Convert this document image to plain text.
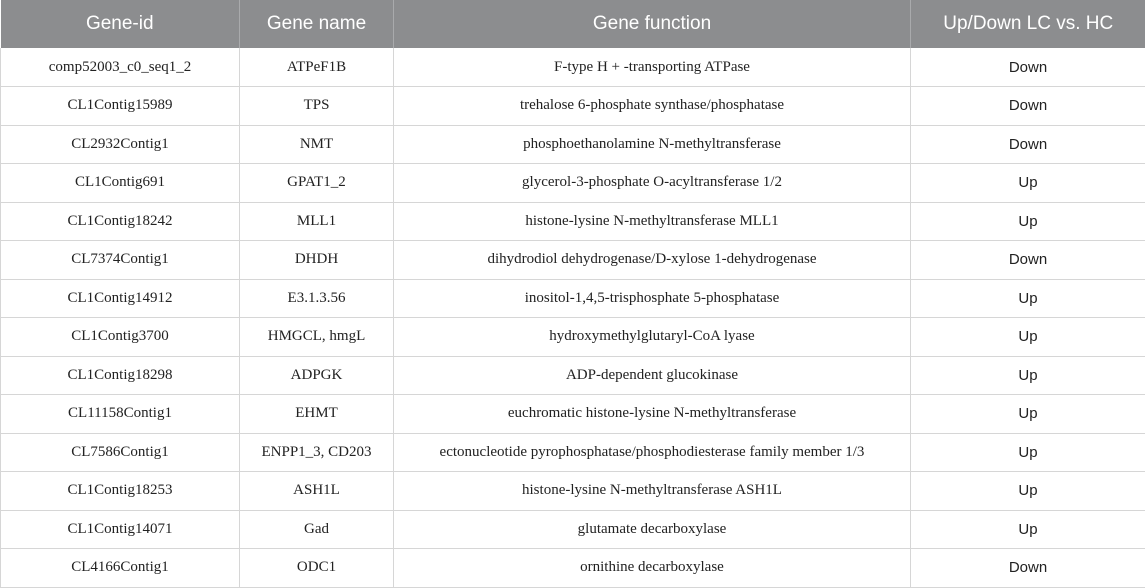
Gene-id	Gene name	Gene function	Up/Down LC vs. HC
comp52003_c0_seq1_2	ATPeF1B	F-type H + -transporting ATPase	Down
CL1Contig15989	TPS	trehalose 6-phosphate synthase/phosphatase	Down
CL2932Contig1	NMT	phosphoethanolamine N-methyltransferase	Down
CL1Contig691	GPAT1_2	glycerol-3-phosphate O-acyltransferase 1/2	Up
CL1Contig18242	MLL1	histone-lysine N-methyltransferase MLL1	Up
CL7374Contig1	DHDH	dihydrodiol dehydrogenase/D-xylose 1-dehydrogenase	Down
CL1Contig14912	E3.1.3.56	inositol-1,4,5-trisphosphate 5-phosphatase	Up
CL1Contig3700	HMGCL, hmgL	hydroxymethylglutaryl-CoA lyase	Up
CL1Contig18298	ADPGK	ADP-dependent glucokinase	Up
CL11158Contig1	EHMT	euchromatic histone-lysine N-methyltransferase	Up
CL7586Contig1	ENPP1_3, CD203	ectonucleotide pyrophosphatase/phosphodiesterase family member 1/3	Up
CL1Contig18253	ASH1L	histone-lysine N-methyltransferase ASH1L	Up
CL1Contig14071	Gad	glutamate decarboxylase	Up
CL4166Contig1	ODC1	ornithine decarboxylase	Down
